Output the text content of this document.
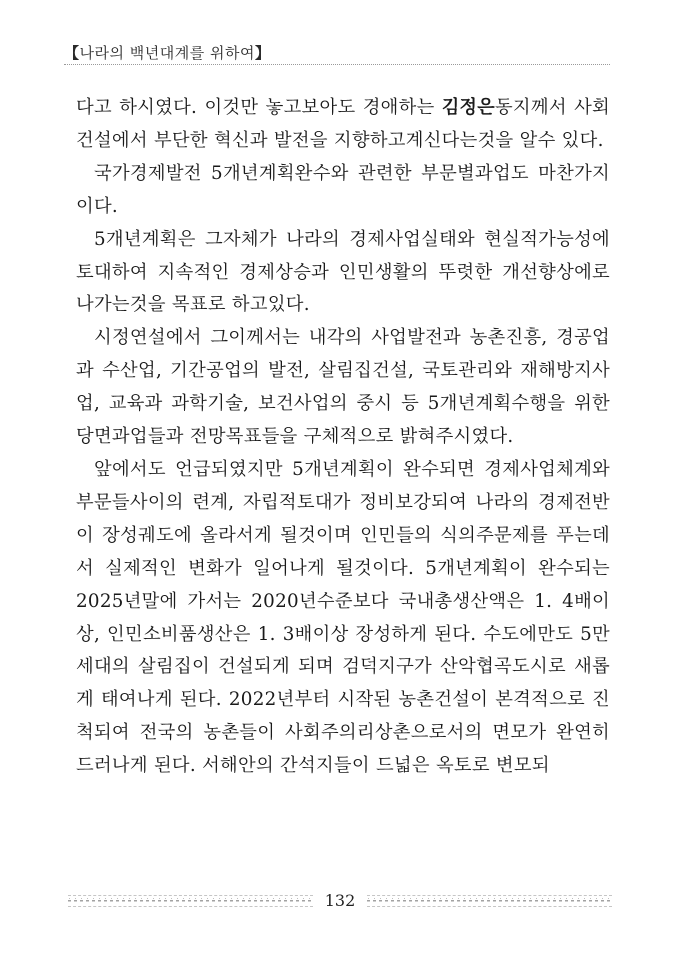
【 나라의 백년대계를 위하여 】

다고 하시였다. 이것만 놓고보아도 경애하는 김정은동지께서 사회건설에서 부단한 혁신과 발전을 지향하고계신다는것을 알수 있다.

국가경제발전 5개년계획완수와 관련한 부문별과업도 마찬가지이다.

5개년계획은 그자체가 나라의 경제사업실태와 현실적가능성에 토대하여 지속적인 경제상승과 인민생활의 뚜렷한 개선향상에로 나가는것을 목표로 하고있다.

시정연설에서 그이께서는 내각의 사업발전과 농촌진흥, 경공업과 수산업, 기간공업의 발전, 살림집건설, 국토관리와 재해방지사업, 교육과 과학기술, 보건사업의 중시 등 5개년계획수행을 위한 당면과업들과 전망목표들을 구체적으로 밝혀주시였다.

앞에서도 언급되였지만 5개년계획이 완수되면 경제사업체계와 부문들사이의 련계, 자립적토대가 정비보강되여 나라의 경제전반이 장성궤도에 올라서게 될것이며 인민들의 식의주문제를 푸는데서 실제적인 변화가 일어나게 될것이다. 5개년계획이 완수되는 2025년말에 가서는 2020년수준보다 국내총생산액은 1. 4배이상, 인민소비품생산은 1. 3배이상 장성하게 된다. 수도에만도 5만세대의 살림집이 건설되게 되며 검덕지구가 산악협곡도시로 새롭게 태여나게 된다. 2022년부터 시작된 농촌건설이 본격적으로 진척되여 전국의 농촌들이 사회주의리상촌으로서의 면모가 완연히 드러나게 된다. 서해안의 간석지들이 드넓은 옥토로 변모되

132
